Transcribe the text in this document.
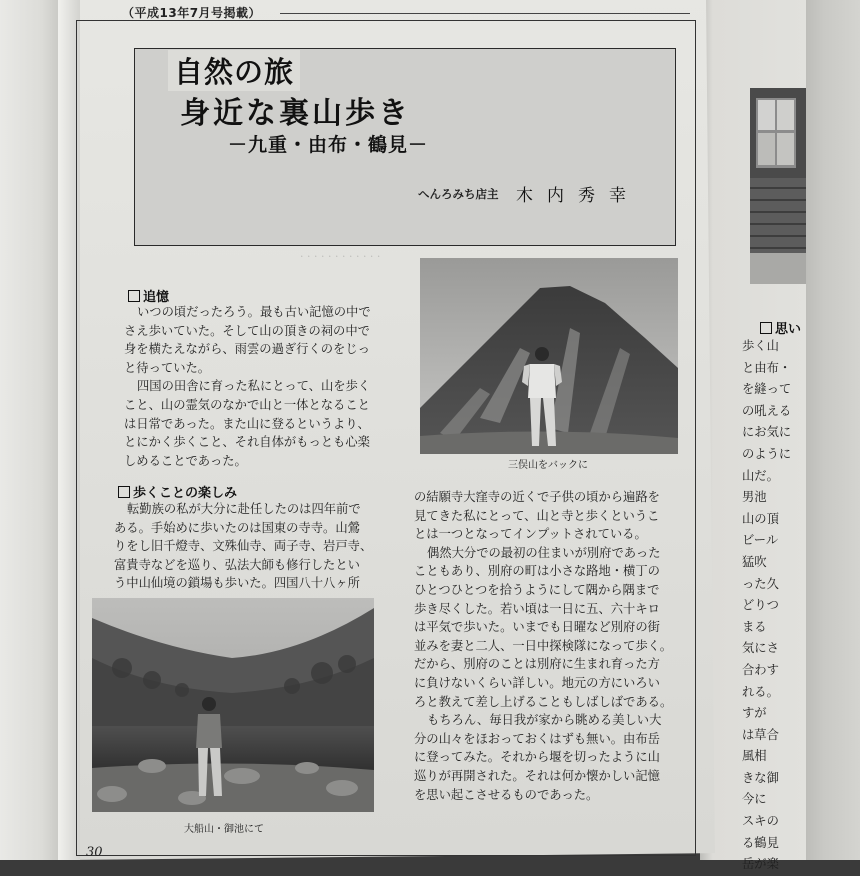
思い

歩く山

と由布・

を縫って

の吼える

にお気に

のように

山だ。

男池

山の頂

ビール

猛吹

った久

どりつ

まる

気にさ

合わす

れる。

すが

は草合

風相

きな御

今に

スキの

る鶴見

岳が楽

（平成13年7月号掲載）
自然の旅
身近な裏山歩き
－九重・由布・鶴見－
へんろみち店主 木内秀幸
· · · · · · · · · · · ·
追憶

いつの頃だったろう。最も古い記憶の中で

さえ歩いていた。そして山の頂きの祠の中で

身を横たえながら、雨雲の過ぎ行くのをじっ

と待っていた。

四国の田舎に育った私にとって、山を歩く

こと、山の霊気のなかで山と一体となること

は日常であった。また山に登るというより、

とにかく歩くこと、それ自体がもっとも心楽

しめることであった。

歩くことの楽しみ

転勤族の私が大分に赴任したのは四年前で

ある。手始めに歩いたのは国東の寺寺。山鶯

りをし旧千燈寺、文殊仙寺、両子寺、岩戸寺、

富貴寺などを巡り、弘法大師も修行したとい

う中山仙境の鎖場も歩いた。四国八十八ヶ所

三俣山をバックに

の結願寺大窪寺の近くで子供の頃から遍路を

見てきた私にとって、山と寺と歩くというこ

とは一つとなってインプットされている。

偶然大分での最初の住まいが別府であった

こともあり、別府の町は小さな路地・横丁の

ひとつひとつを拾うようにして隅から隅まで

歩き尽くした。若い頃は一日に五、六十キロ

は平気で歩いた。いまでも日曜など別府の街

並みを妻と二人、一日中探検隊になって歩く。

だから、別府のことは別府に生まれ育った方

に負けないくらい詳しい。地元の方にいろい

ろと教えて差し上げることもしばしばである。

もちろん、毎日我が家から眺める美しい大

分の山々をほおっておくはずも無い。由布岳

に登ってみた。それから堰を切ったように山

巡りが再開された。それは何か懐かしい記憶

を思い起こさせるものであった。

大船山・御池にて
30
